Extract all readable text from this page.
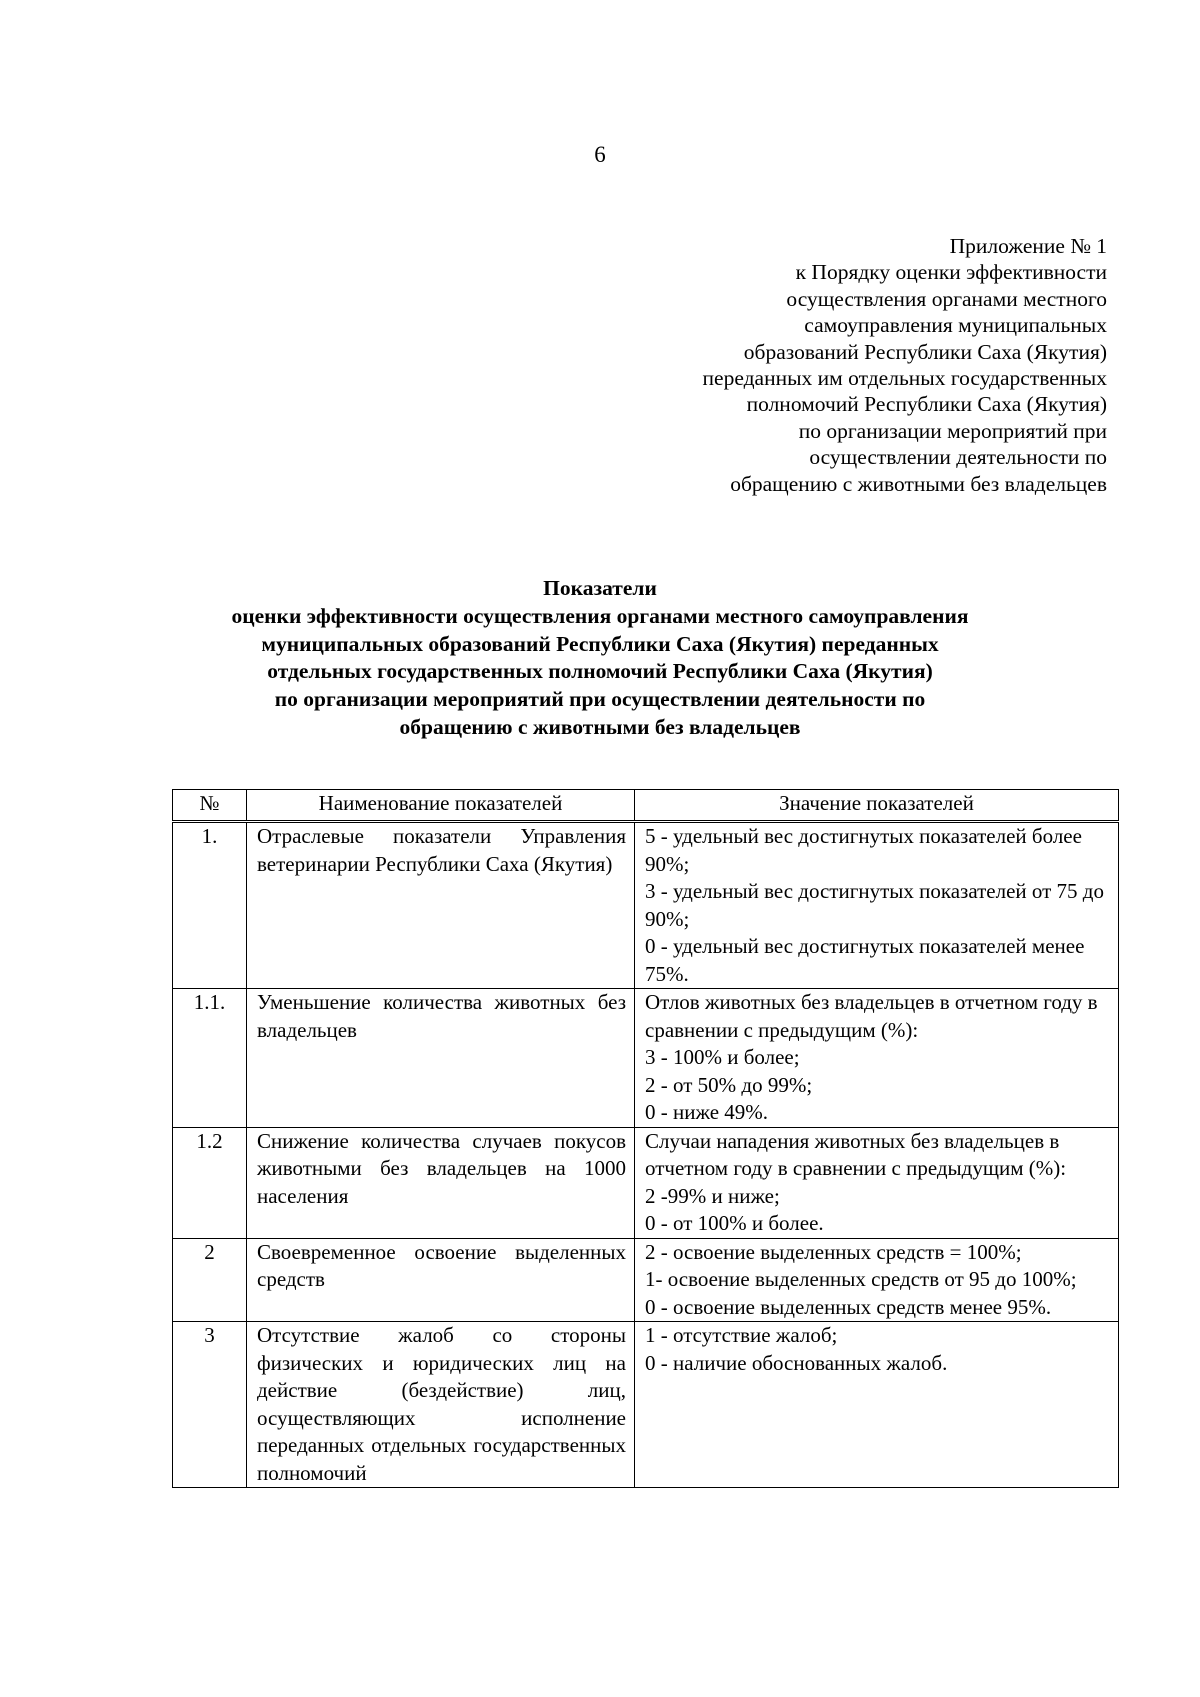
6
Приложение № 1
к Порядку оценки эффективности
осуществления органами местного
самоуправления муниципальных
образований Республики Саха (Якутия)
переданных им отдельных государственных
полномочий Республики Саха (Якутия)
по организации мероприятий при
осуществлении деятельности по
обращению с животными без владельцев
Показатели
оценки эффективности осуществления органами местного самоуправления
муниципальных образований Республики Саха (Якутия) переданных
отдельных государственных полномочий Республики Саха (Якутия)
по организации мероприятий при осуществлении деятельности по
обращению с животными без владельцев
№	Наименование показателей	Значение показателей
1.	Отраслевые показатели Управления ветеринарии Республики Саха (Якутия)	5 - удельный вес достигнутых показателей более 90%;
3 - удельный вес достигнутых показателей от 75 до 90%;
0 - удельный вес достигнутых показателей менее 75%.

1.1.	Уменьшение количества животных без владельцев	Отлов животных без владельцев в отчетном году в сравнении с предыдущим (%):
3 - 100% и более;
2 - от 50% до 99%;
0 - ниже 49%.

1.2	Снижение количества случаев покусов животными без владельцев на 1000 населения	Случаи нападения животных без владельцев в отчетном году в сравнении с предыдущим (%):
2 -99% и ниже;
0 - от 100% и более.

2	Своевременное освоение выделенных средств	2 - освоение выделенных средств = 100%;
1- освоение выделенных средств от 95 до 100%;
0 - освоение выделенных средств менее 95%.

3	Отсутствие жалоб со стороны физических и юридических лиц на действие (бездействие) лиц, осуществляющих исполнение переданных отдельных государственных полномочий	1 - отсутствие жалоб;
0 - наличие обоснованных жалоб.
